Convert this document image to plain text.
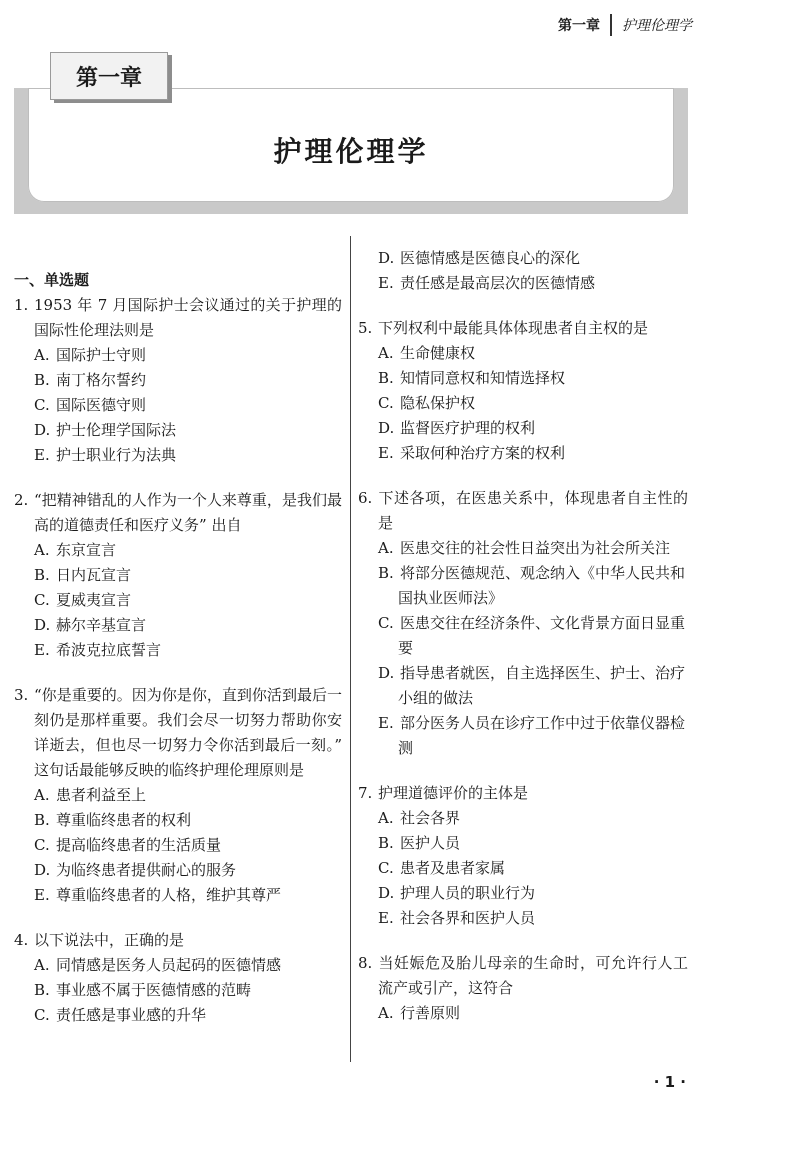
第一章 护理伦理学
第一章
护理伦理学
一、单选题
1. 1953 年 7 月国际护士会议通过的关于护理的国际性伦理法则是
A. 国际护士守则
B. 南丁格尔誓约
C. 国际医德守则
D. 护士伦理学国际法
E. 护士职业行为法典
2. “把精神错乱的人作为一个人来尊重，是我们最高的道德责任和医疗义务” 出自
A. 东京宣言
B. 日内瓦宣言
C. 夏威夷宣言
D. 赫尔辛基宣言
E. 希波克拉底誓言
3. “你是重要的。因为你是你，直到你活到最后一刻仍是那样重要。我们会尽一切努力帮助你安详逝去，但也尽一切努力令你活到最后一刻。” 这句话最能够反映的临终护理伦理原则是
A. 患者利益至上
B. 尊重临终患者的权利
C. 提高临终患者的生活质量
D. 为临终患者提供耐心的服务
E. 尊重临终患者的人格，维护其尊严
4. 以下说法中，正确的是
A. 同情感是医务人员起码的医德情感
B. 事业感不属于医德情感的范畴
C. 责任感是事业感的升华
D. 医德情感是医德良心的深化
E. 责任感是最高层次的医德情感
5. 下列权利中最能具体体现患者自主权的是
A. 生命健康权
B. 知情同意权和知情选择权
C. 隐私保护权
D. 监督医疗护理的权利
E. 采取何种治疗方案的权利
6. 下述各项，在医患关系中，体现患者自主性的是
A. 医患交往的社会性日益突出为社会所关注
B. 将部分医德规范、观念纳入《中华人民共和国执业医师法》
C. 医患交往在经济条件、文化背景方面日显重要
D. 指导患者就医，自主选择医生、护士、治疗小组的做法
E. 部分医务人员在诊疗工作中过于依靠仪器检测
7. 护理道德评价的主体是
A. 社会各界
B. 医护人员
C. 患者及患者家属
D. 护理人员的职业行为
E. 社会各界和医护人员
8. 当妊娠危及胎儿母亲的生命时，可允许行人工流产或引产，这符合
A. 行善原则
· 1 ·
